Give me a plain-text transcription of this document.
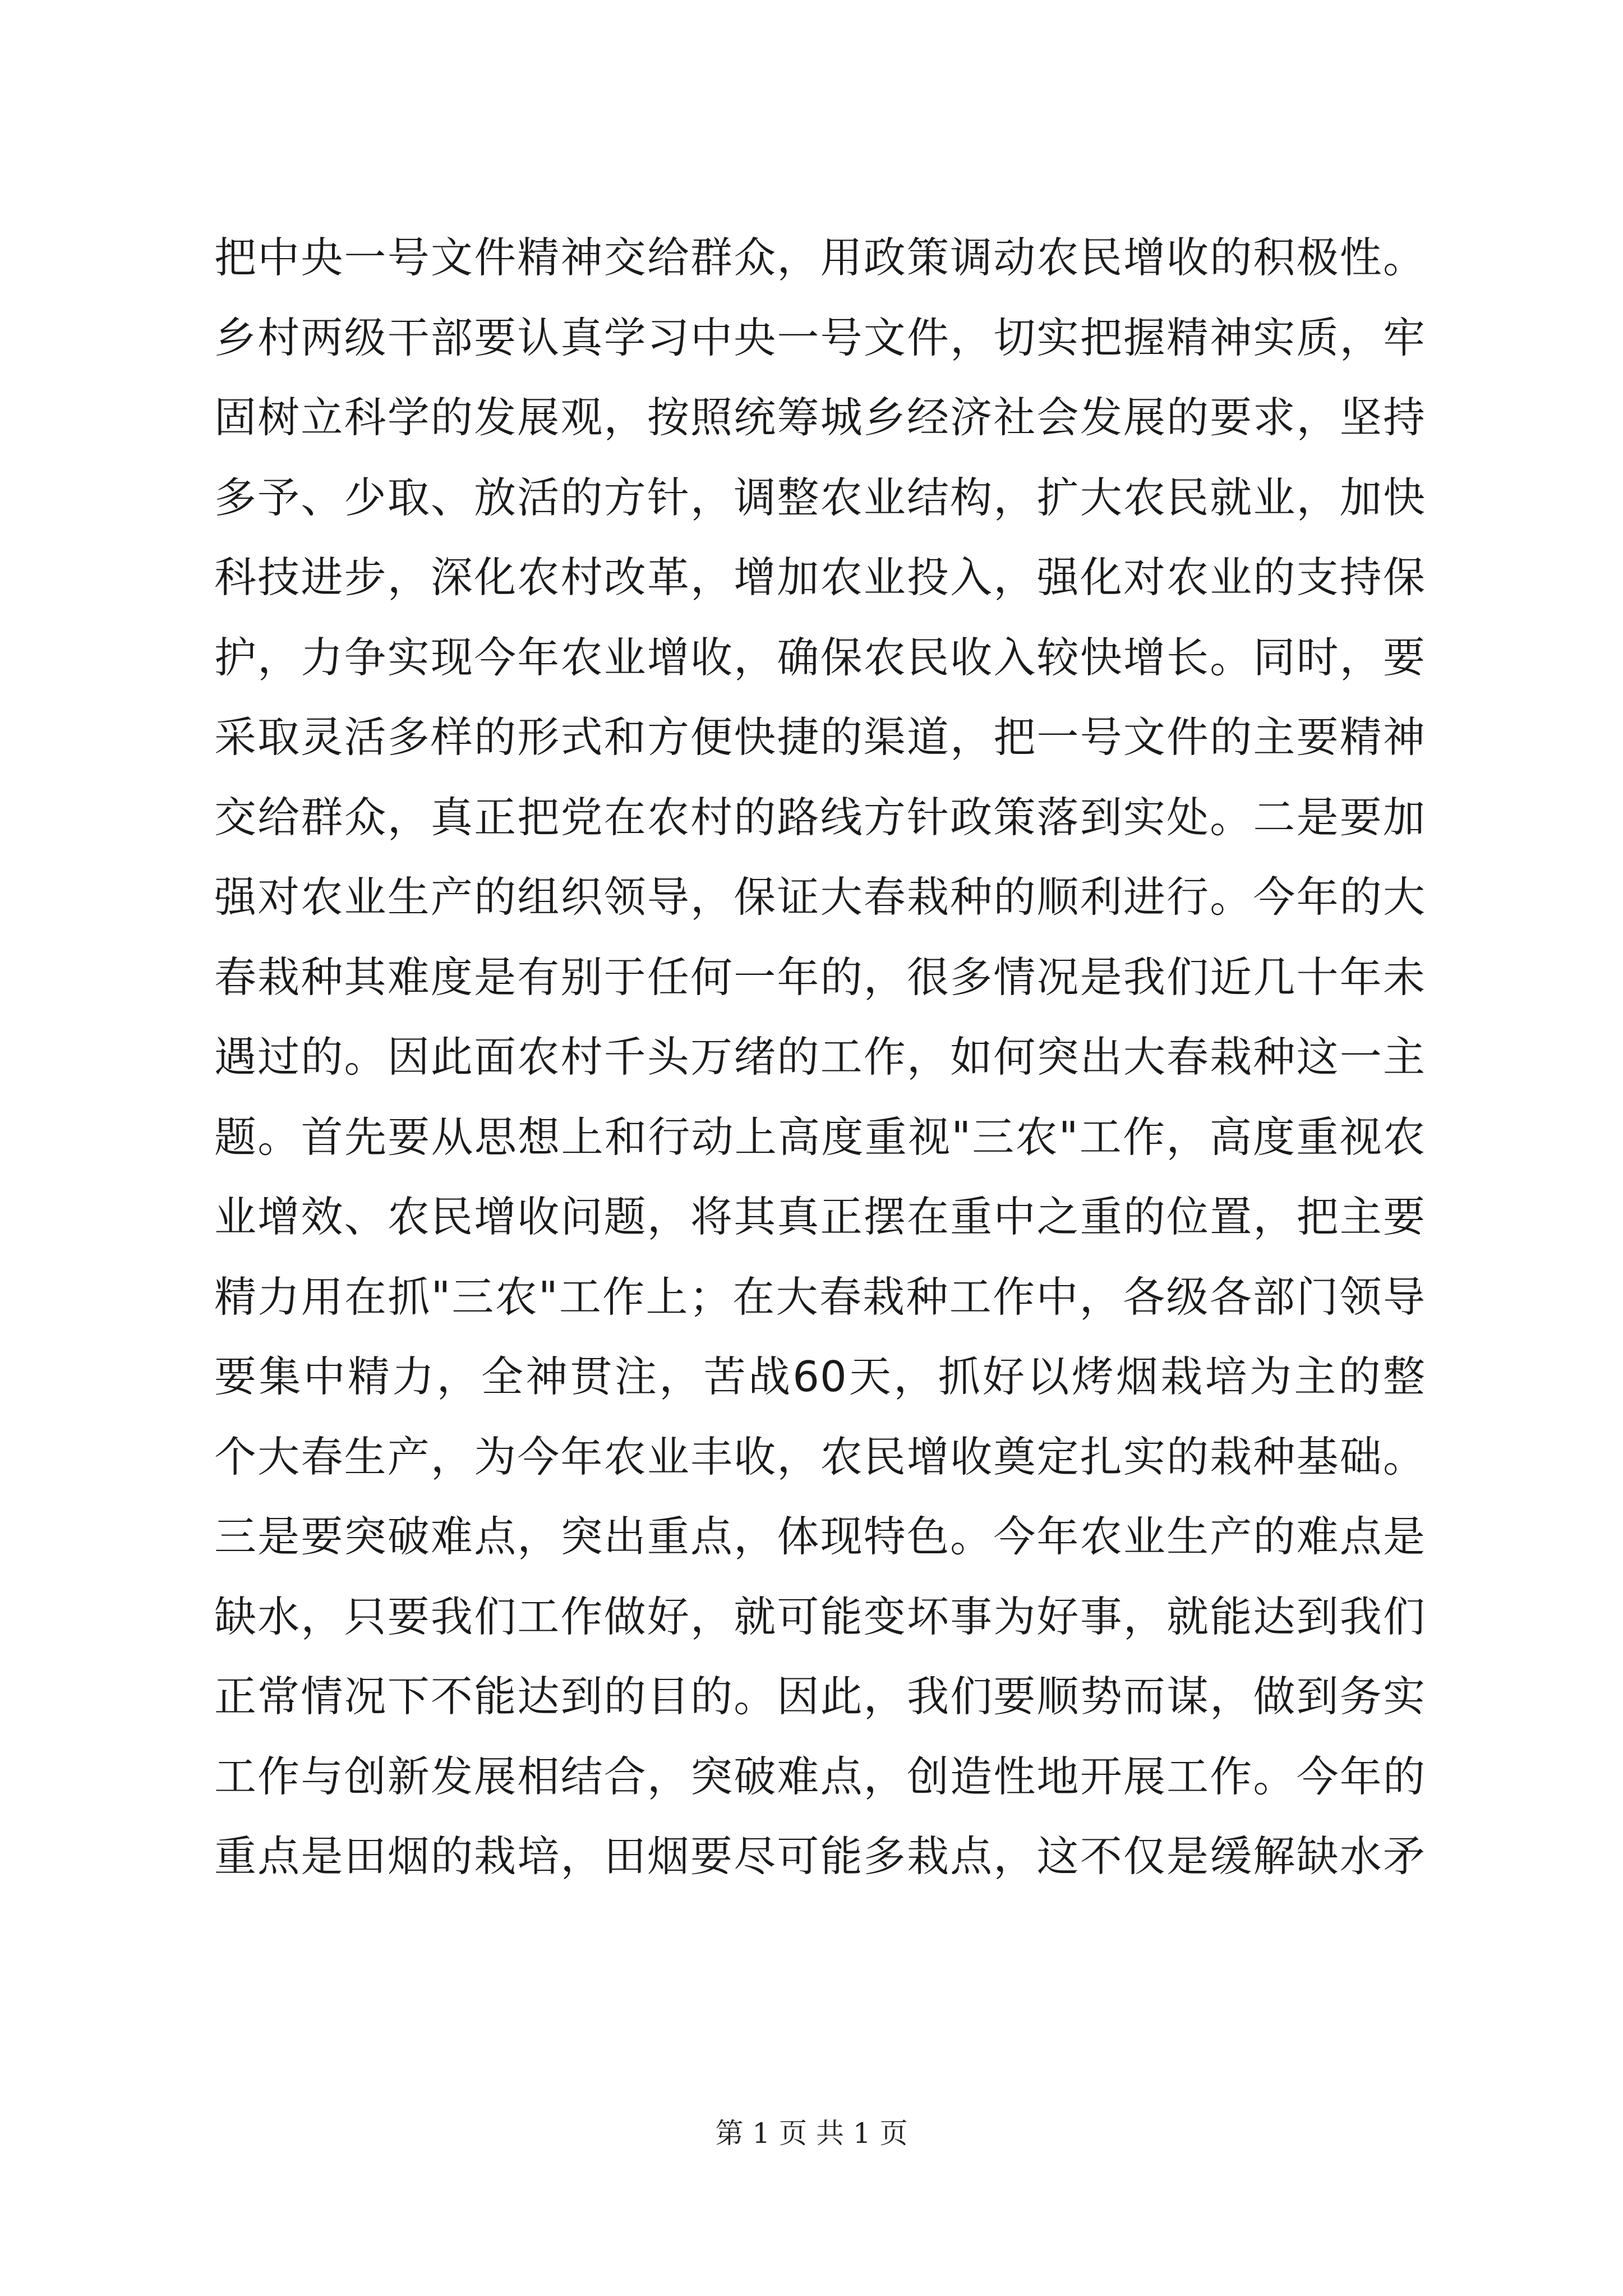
把中央一号文件精神交给群众，用政策调动农民增收的积极性。
乡村两级干部要认真学习中央一号文件，切实把握精神实质，牢
固树立科学的发展观，按照统筹城乡经济社会发展的要求，坚持
多予、少取、放活的方针，调整农业结构，扩大农民就业，加快
科技进步，深化农村改革，增加农业投入，强化对农业的支持保
护，力争实现今年农业增收，确保农民收入较快增长。同时，要
采取灵活多样的形式和方便快捷的渠道，把一号文件的主要精神
交给群众，真正把党在农村的路线方针政策落到实处。二是要加
强对农业生产的组织领导，保证大春栽种的顺利进行。今年的大
春栽种其难度是有别于任何一年的，很多情况是我们近几十年未
遇过的。因此面农村千头万绪的工作，如何突出大春栽种这一主
题。首先要从思想上和行动上高度重视"三农"工作，高度重视农
业增效、农民增收问题，将其真正摆在重中之重的位置，把主要
精力用在抓"三农"工作上；在大春栽种工作中，各级各部门领导
要集中精力，全神贯注，苦战60天，抓好以烤烟栽培为主的整
个大春生产，为今年农业丰收，农民增收奠定扎实的栽种基础。
三是要突破难点，突出重点，体现特色。今年农业生产的难点是
缺水，只要我们工作做好，就可能变坏事为好事，就能达到我们
正常情况下不能达到的目的。因此，我们要顺势而谋，做到务实
工作与创新发展相结合，突破难点，创造性地开展工作。今年的
重点是田烟的栽培，田烟要尽可能多栽点，这不仅是缓解缺水矛
第 1 页 共 1 页
